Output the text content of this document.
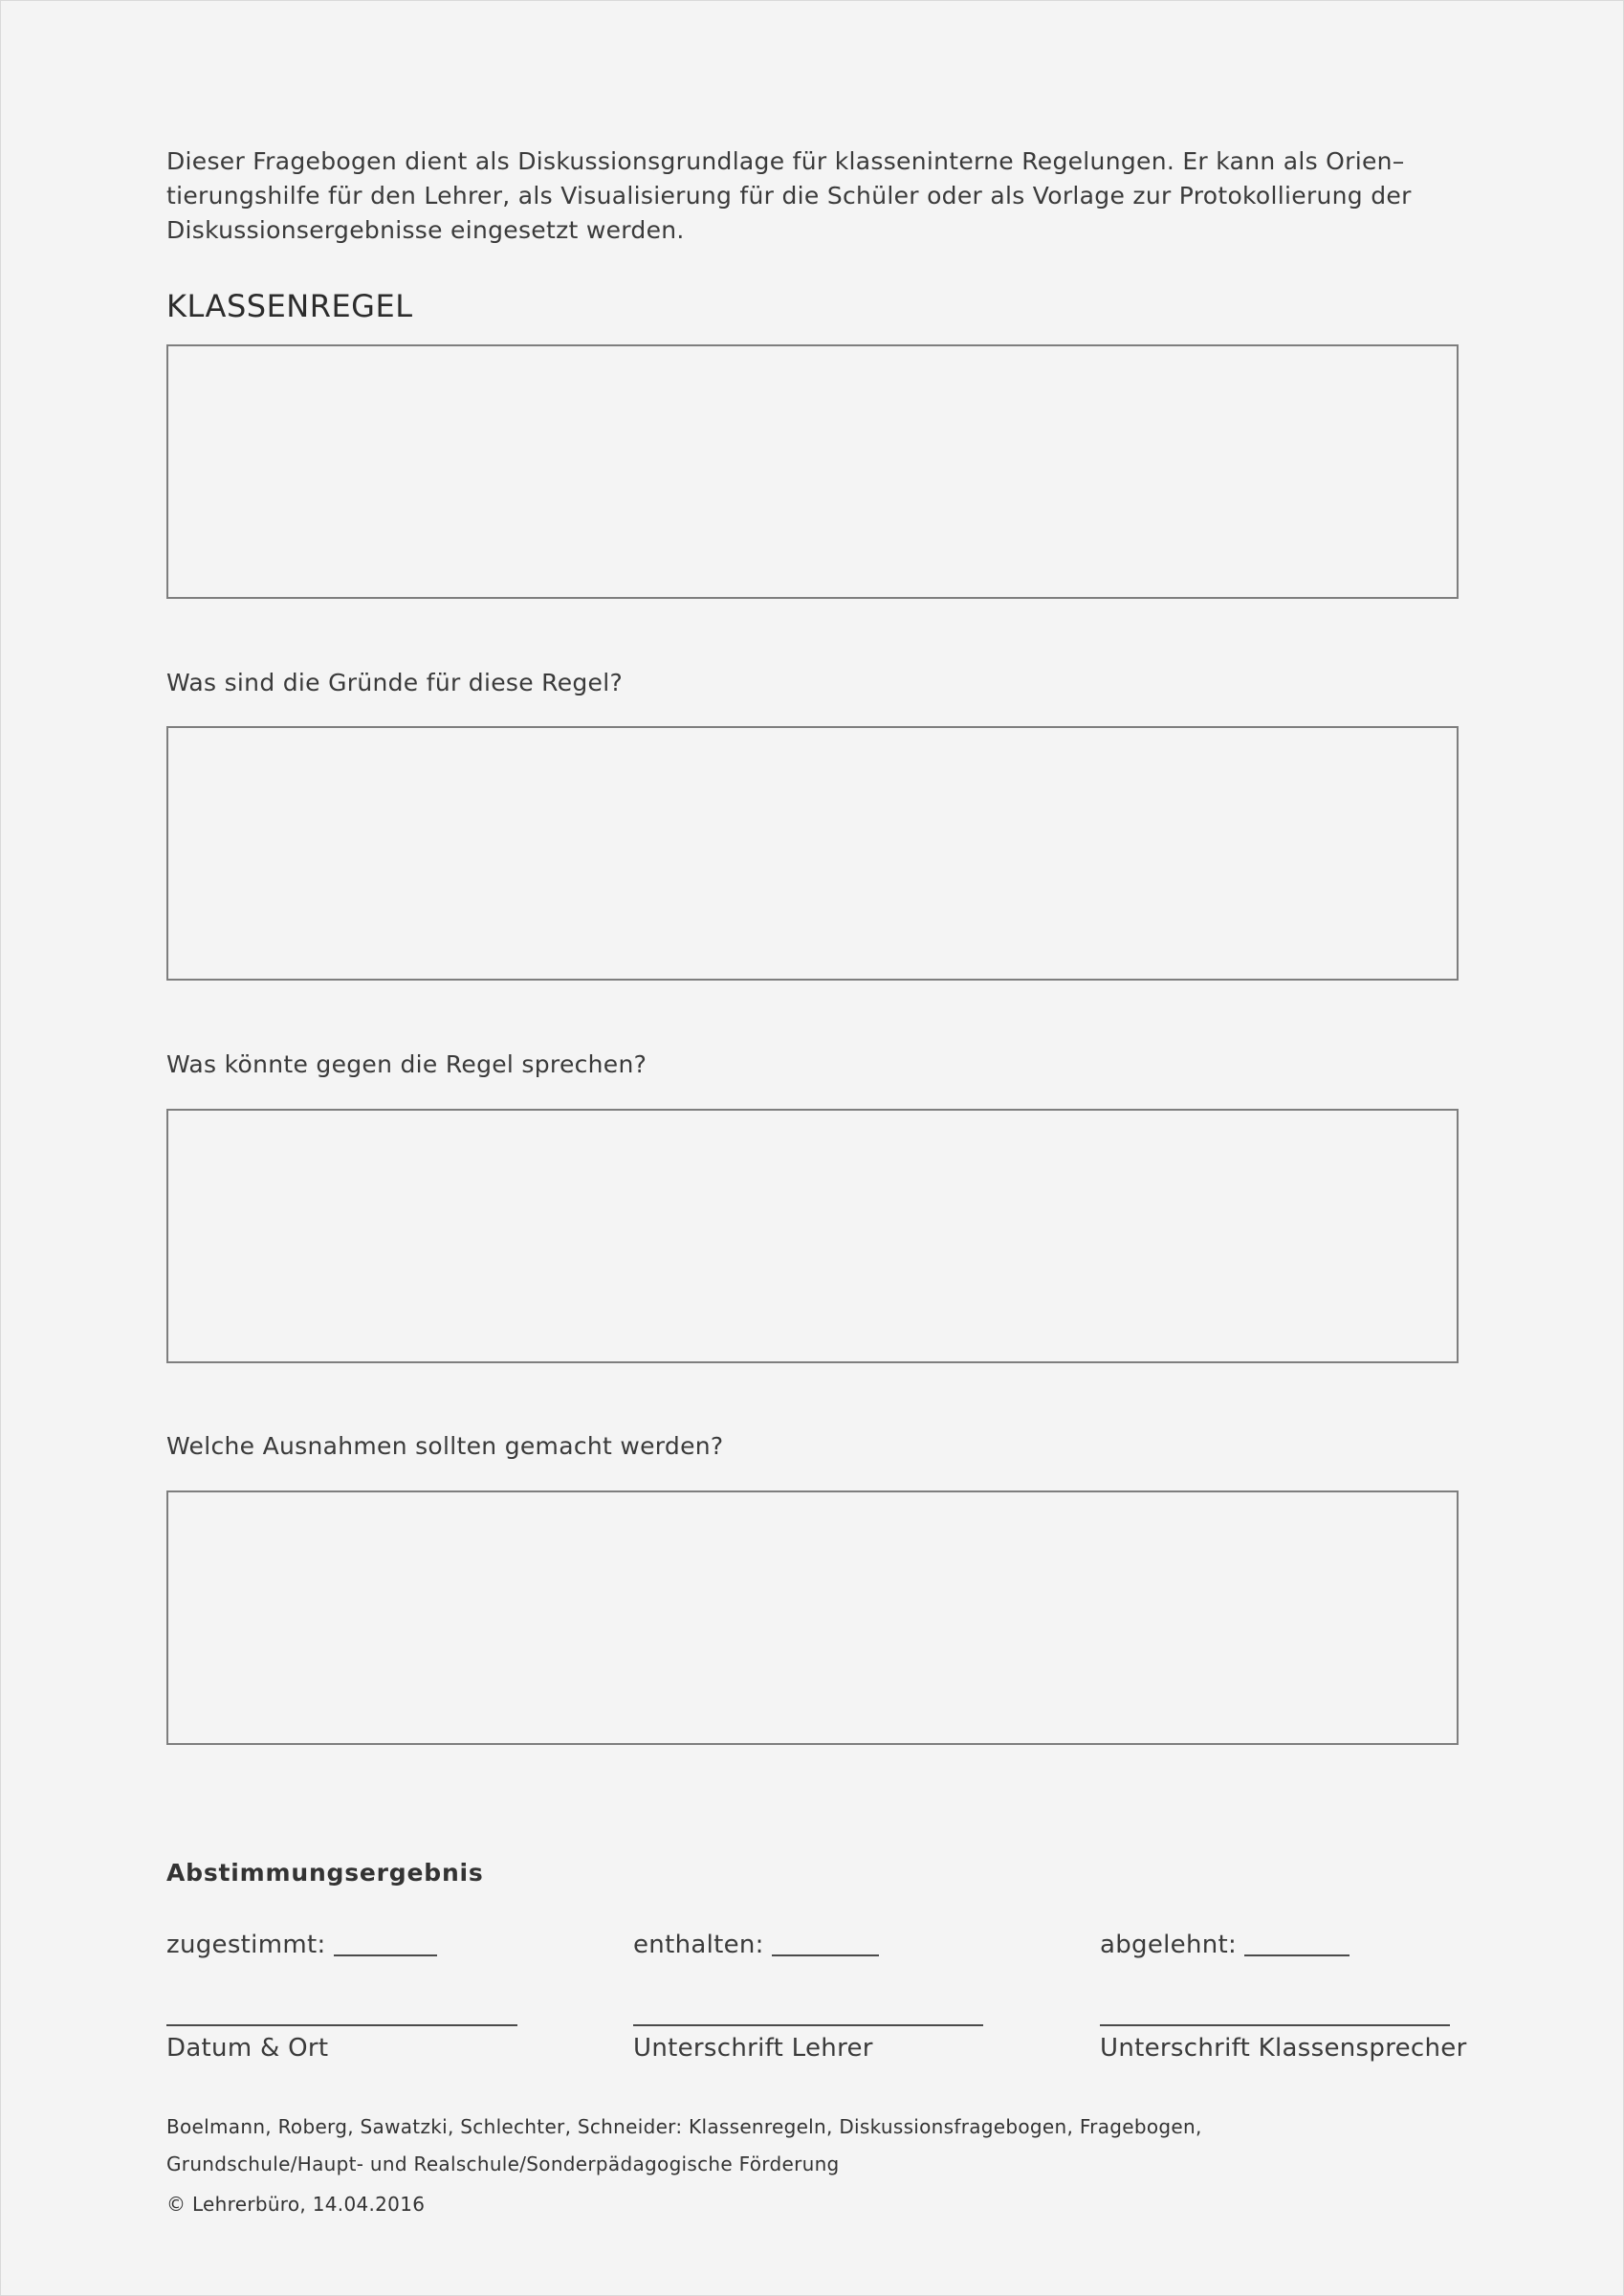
Dieser Fragebogen dient als Diskussionsgrundlage für klasseninterne Regelungen. Er kann als Orien–
tierungshilfe für den Lehrer, als Visualisierung für die Schüler oder als Vorlage zur Protokollierung der
Diskussionsergebnisse eingesetzt werden.

KLASSENREGEL

Was sind die Gründe für diese Regel?

Was könnte gegen die Regel sprechen?

Welche Ausnahmen sollten gemacht werden?

Abstimmungsergebnis

zugestimmt:	enthalten:	abgelehnt:
Datum & Ort	Unterschrift Lehrer	Unterschrift Klassensprecher
Boelmann, Roberg, Sawatzki, Schlechter, Schneider: Klassenregeln, Diskussionsfragebogen, Fragebogen,
Grundschule/Haupt- und Realschule/Sonderpädagogische Förderung
© Lehrerbüro, 14.04.2016
